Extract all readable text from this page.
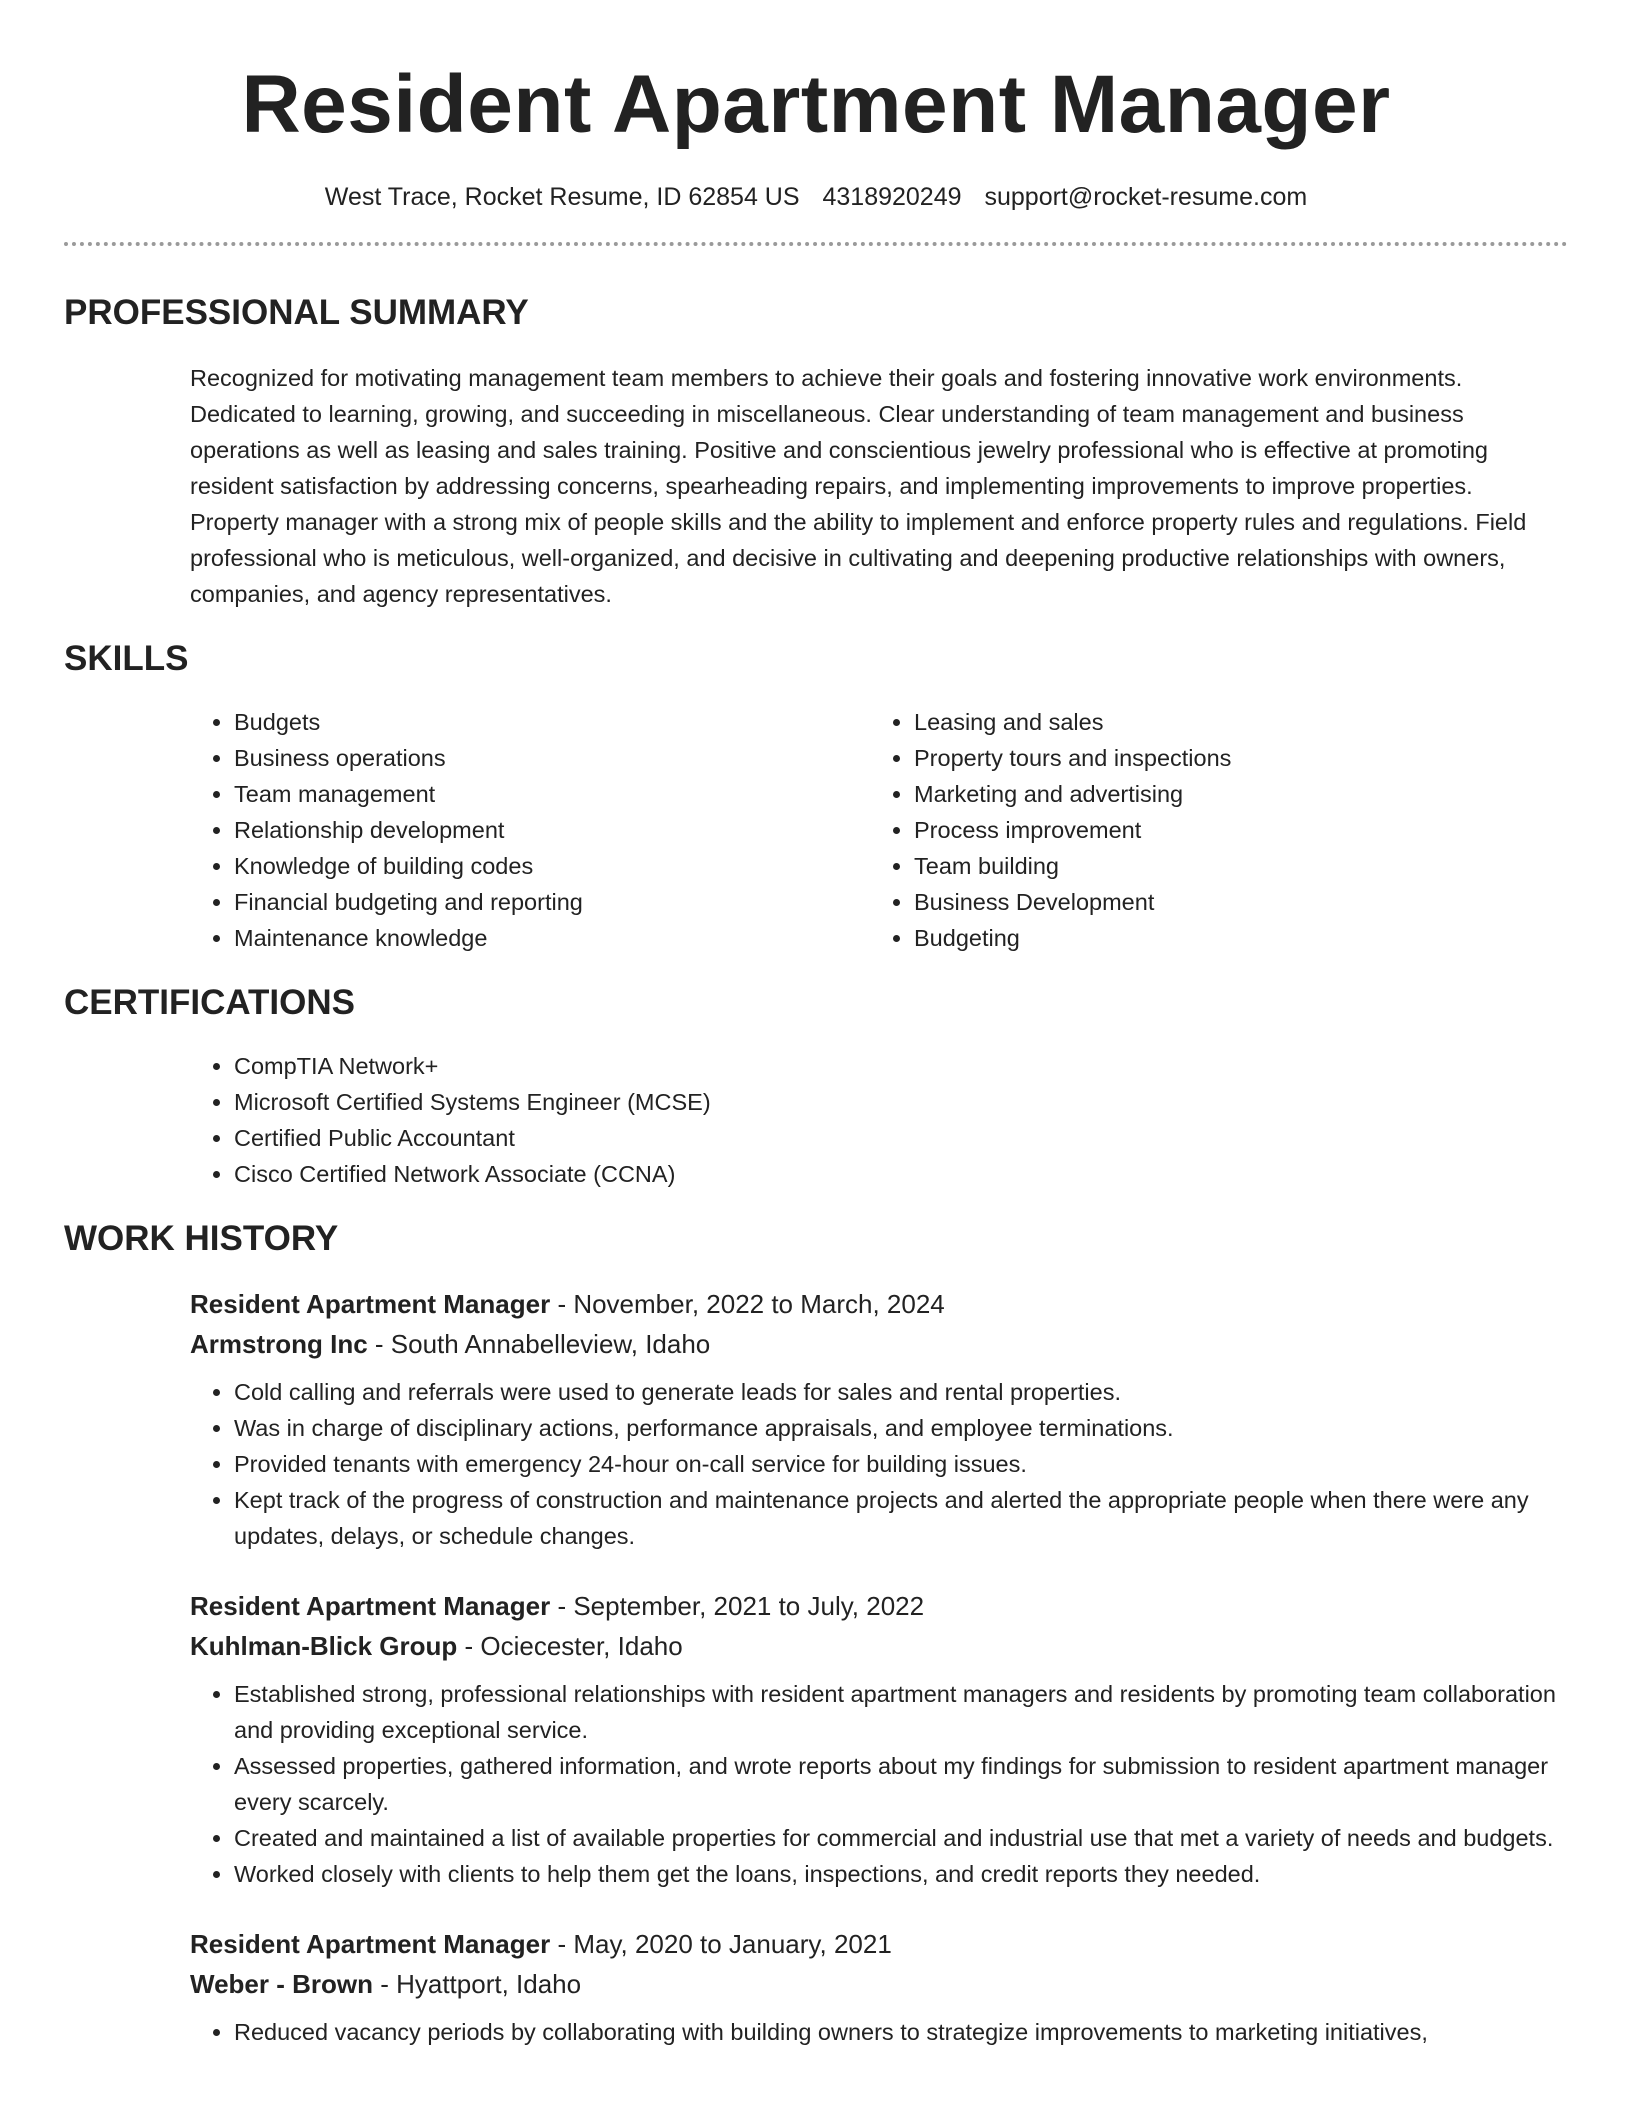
Resident Apartment Manager
West Trace, Rocket Resume, ID 62854 US 4318920249 support@rocket-resume.com
PROFESSIONAL SUMMARY

Recognized for motivating management team members to achieve their goals and fostering innovative work environments. Dedicated to learning, growing, and succeeding in miscellaneous. Clear understanding of team management and business operations as well as leasing and sales training. Positive and conscientious jewelry professional who is effective at promoting resident satisfaction by addressing concerns, spearheading repairs, and implementing improvements to improve properties. Property manager with a strong mix of people skills and the ability to implement and enforce property rules and regulations. Field professional who is meticulous, well-organized, and decisive in cultivating and deepening productive relationships with owners, companies, and agency representatives.

SKILLS
• Budgets
• Business operations
• Team management
• Relationship development
• Knowledge of building codes
• Financial budgeting and reporting
• Maintenance knowledge
• Leasing and sales
• Property tours and inspections
• Marketing and advertising
• Process improvement
• Team building
• Business Development
• Budgeting
CERTIFICATIONS
• CompTIA Network+
• Microsoft Certified Systems Engineer (MCSE)
• Certified Public Accountant
• Cisco Certified Network Associate (CCNA)
WORK HISTORY
Resident Apartment Manager - November, 2022 to March, 2024
Armstrong Inc - South Annabelleview, Idaho
• Cold calling and referrals were used to generate leads for sales and rental properties.
• Was in charge of disciplinary actions, performance appraisals, and employee terminations.
• Provided tenants with emergency 24-hour on-call service for building issues.
• Kept track of the progress of construction and maintenance projects and alerted the appropriate people when there were any updates, delays, or schedule changes.
Resident Apartment Manager - September, 2021 to July, 2022
Kuhlman-Blick Group - Ociecester, Idaho
• Established strong, professional relationships with resident apartment managers and residents by promoting team collaboration and providing exceptional service.
• Assessed properties, gathered information, and wrote reports about my findings for submission to resident apartment manager every scarcely.
• Created and maintained a list of available properties for commercial and industrial use that met a variety of needs and budgets.
• Worked closely with clients to help them get the loans, inspections, and credit reports they needed.
Resident Apartment Manager - May, 2020 to January, 2021
Weber - Brown - Hyattport, Idaho
• Reduced vacancy periods by collaborating with building owners to strategize improvements to marketing initiatives,
